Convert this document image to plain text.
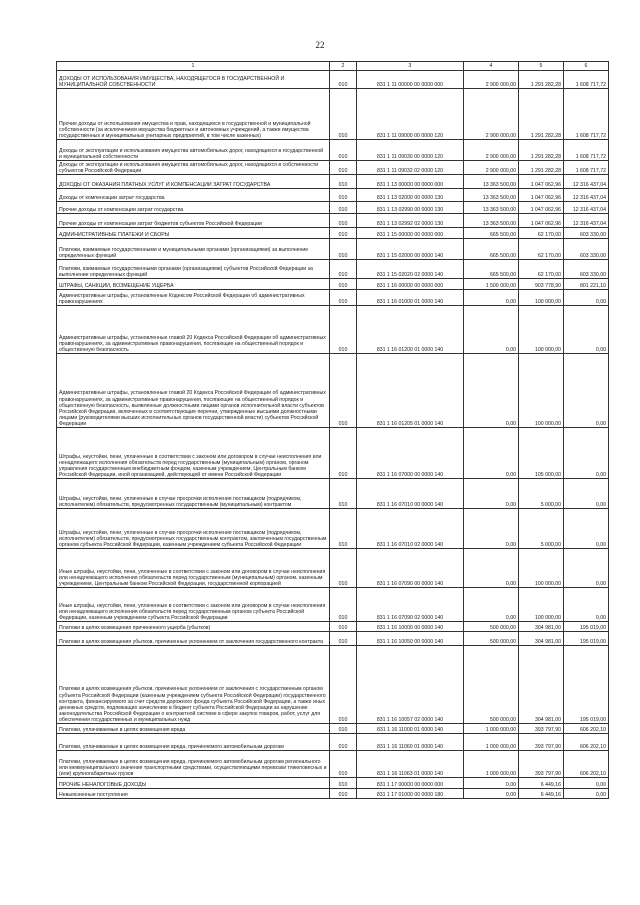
22
1	2	3	4	5	6
ДОХОДЫ ОТ ИСПОЛЬЗОВАНИЯ ИМУЩЕСТВА, НАХОДЯЩЕГОСЯ В ГОСУДАРСТВЕННОЙ И МУНИЦИПАЛЬНОЙ СОБСТВЕННОСТИ	010	831 1 11 00000 00 0000 000	2 900 000,00	1 291 282,28	1 608 717,72
Прочие доходы от использования имущества и прав, находящихся в государственной и муниципальной собственности (за исключением имущества бюджетных и автономных учреждений, а также имущества государственных и муниципальных унитарных предприятий, в том числе казенных)	010	831 1 11 09000 00 0000 120	2 900 000,00	1 291 282,28	1 608 717,72
Доходы от эксплуатации и использования имущества автомобильных дорог, находящихся в государственной и муниципальной собственности	010	831 1 11 09030 00 0000 120	2 900 000,00	1 291 282,28	1 608 717,72
Доходы от эксплуатации и использования имущества автомобильных дорог, находящихся в собственности субъектов Российской Федерации	010	831 1 11 09032 02 0000 120	2 900 000,00	1 291 282,28	1 608 717,72
ДОХОДЫ ОТ ОКАЗАНИЯ ПЛАТНЫХ УСЛУГ И КОМПЕНСАЦИИ ЗАТРАТ ГОСУДАРСТВА	010	831 1 13 00000 00 0000 000	13 363 500,00	1 047 062,96	12 316 437,04
Доходы от компенсации затрат государства	010	831 1 13 02000 00 0000 130	13 363 500,00	1 047 062,96	12 316 437,04
Прочие доходы от компенсации затрат государства	010	831 1 13 02990 00 0000 130	13 363 500,00	1 047 062,96	12 316 437,04
Прочие доходы от компенсации затрат бюджетов субъектов Российской Федерации	010	831 1 13 02992 02 0000 130	13 363 500,00	1 047 062,96	12 316 437,04
АДМИНИСТРАТИВНЫЕ ПЛАТЕЖИ И СБОРЫ	010	831 1 15 00000 00 0000 000	665 500,00	62 170,00	603 330,00
Платежи, взимаемые государственными и муниципальными органами (организациями) за выполнение определенных функций	010	831 1 15 02000 00 0000 140	665 500,00	62 170,00	603 330,00
Платежи, взимаемые государственными органами (организациями) субъектов Российской Федерации за выполнение определенных функций	010	831 1 15 02020 02 0000 140	665 500,00	62 170,00	603 330,00
ШТРАФЫ, САНКЦИИ, ВОЗМЕЩЕНИЕ УЩЕРБА	010	831 1 16 00000 00 0000 000	1 500 000,00	903 778,90	801 221,10
Административные штрафы, установленные Кодексом Российской Федерации об административных правонарушениях	010	831 1 16 01000 01 0000 140	0,00	100 000,00	0,00
Административные штрафы, установленные главой 20 Кодекса Российской Федерации об административных правонарушениях, за административные правонарушения, посягающие на общественный порядок и общественную безопасность	010	831 1 16 01200 01 0000 140	0,00	100 000,00	0,00
Административные штрафы, установленные главой 20 Кодекса Российской Федерации об административных правонарушениях, за административные правонарушения, посягающие на общественный порядок и общественную безопасность, выявленные должностными лицами органов исполнительной власти субъектов Российской Федерации, включенных в соответствующие перечни, утвержденные высшими должностными лицами (руководителями высших исполнительных органов государственной власти) субъектов Российской Федерации	010	831 1 16 01205 01 0000 140	0,00	100 000,00	0,00
Штрафы, неустойки, пени, уплаченные в соответствии с законом или договором в случае неисполнения или ненадлежащего исполнения обязательств перед государственным (муниципальным) органом, органом управления государственным внебюджетным фондом, казенным учреждением, Центральным банком Российской Федерации, иной организацией, действующей от имени Российской Федерации	010	831 1 16 07000 00 0000 140	0,00	105 000,00	0,00
Штрафы, неустойки, пени, уплаченные в случае просрочки исполнения поставщиком (подрядчиком, исполнителем) обязательств, предусмотренных государственным (муниципальным) контрактом	010	831 1 16 07010 00 0000 140	0,00	5 000,00	0,00
Штрафы, неустойки, пени, уплаченные в случае просрочки исполнения поставщиком (подрядчиком, исполнителем) обязательств, предусмотренных государственным контрактом, заключенным государственным органом субъекта Российской Федерации, казенным учреждением субъекта Российской Федерации	010	831 1 16 07010 02 0000 140	0,00	5 000,00	0,00
Иные штрафы, неустойки, пени, уплаченные в соответствии с законом или договором в случае неисполнения или ненадлежащего исполнения обязательств перед государственным (муниципальным) органом, казенным учреждением, Центральным банком Российской Федерации, государственной корпорацией	010	831 1 16 07090 00 0000 140	0,00	100 000,00	0,00
Иные штрафы, неустойки, пени, уплаченные в соответствии с законом или договором в случае неисполнения или ненадлежащего исполнения обязательств перед государственным органом субъекта Российской Федерации, казенным учреждением субъекта Российской Федерации	010	831 1 16 07090 02 0000 140	0,00	100 000,00	0,00
Платежи в целях возмещения причиненного ущерба (убытков)	010	831 1 16 10000 00 0000 140	500 000,00	304 981,00	195 019,00
Платежи в целях возмещения убытков, причиненных уклонением от заключения государственного контракта	010	831 1 16 10050 00 0000 140	500 000,00	304 981,00	195 019,00
Платежи в целях возмещения убытков, причиненных уклонением от заключения с государственным органом субъекта Российской Федерации (казенным учреждением субъекта Российской Федерации) государственного контракта, финансируемого за счет средств дорожного фонда субъекта Российской Федерации, а также иных денежных средств, подлежащих зачислению в бюджет субъекта Российской Федерации за нарушение законодательства Российской Федерации о контрактной системе в сфере закупок товаров, работ, услуг для обеспечения государственных и муниципальных нужд	010	831 1 16 10057 02 0000 140	500 000,00	304 981,00	195 019,00
Платежи, уплачиваемые в целях возмещения вреда	010	831 1 16 11000 01 0000 140	1 000 000,00	393 797,90	606 202,10
Платежи, уплачиваемые в целях возмещения вреда, причиняемого автомобильным дорогам	010	831 1 16 11060 01 0000 140	1 000 000,00	393 797,90	606 202,10
Платежи, уплачиваемые в целях возмещения вреда, причиняемого автомобильным дорогам регионального или межмуниципального значения транспортными средствами, осуществляющими перевозки тяжеловесных и (или) крупногабаритных грузов	010	831 1 16 11063 01 0000 140	1 000 000,00	393 797,90	606 202,10
ПРОЧИЕ НЕНАЛОГОВЫЕ ДОХОДЫ	010	831 1 17 00000 00 0000 000	0,00	6 449,16	0,00
Невыясненные поступления	010	831 1 17 01000 00 0000 180	0,00	6 449,16	0,00
